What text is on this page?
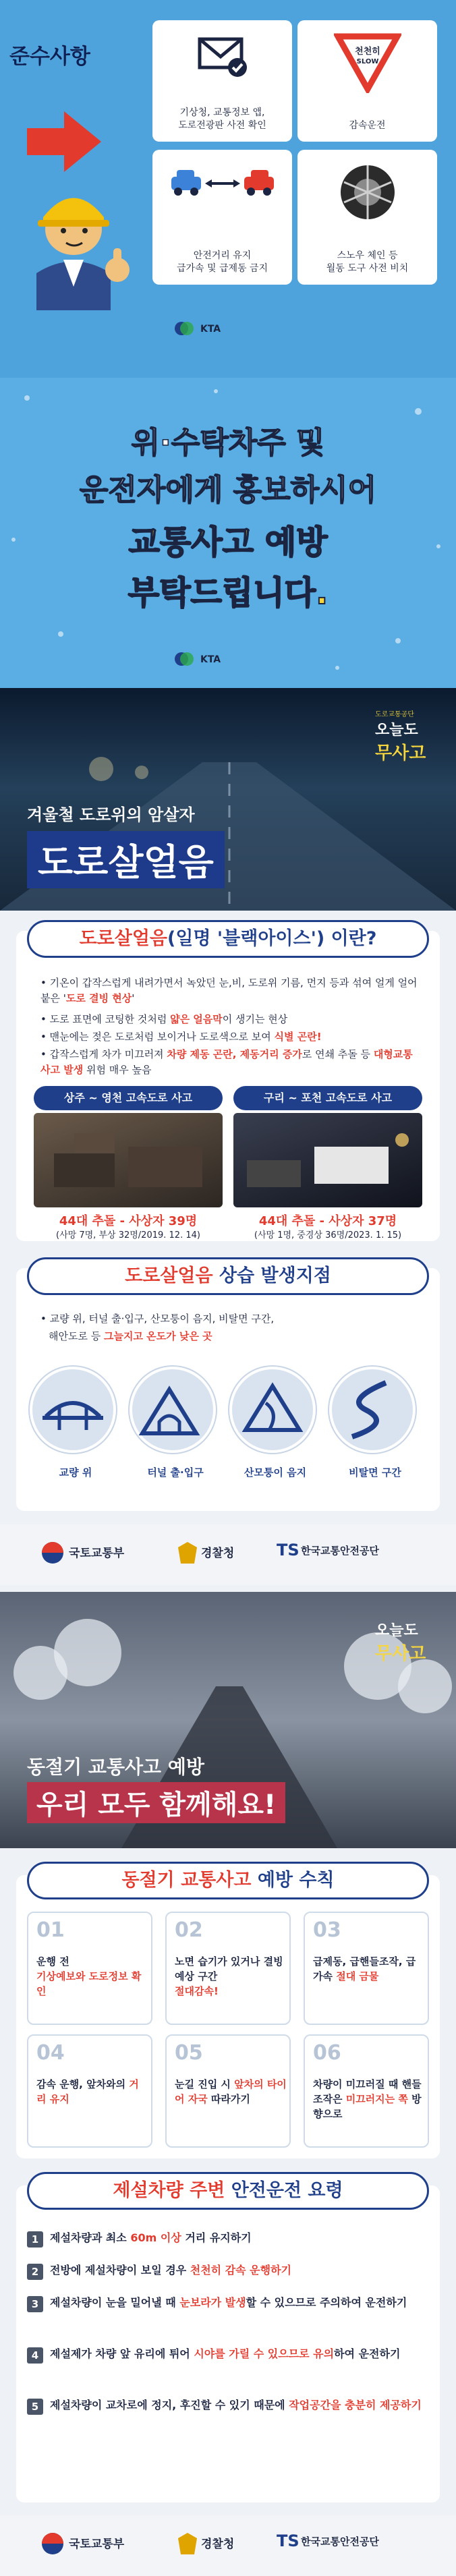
준수사항
기상청, 교통정보 앱,
도로전광판 사전 확인
천천히
SLOW
감속운전
안전거리 유지
급가속 및 급제동 금지
스노우 체인 등
월동 도구 사전 비치
KTA
위·수탁차주 및
운전자에게 홍보하시어
교통사고 예방
부탁드립니다.
KTA
도로교통공단
오늘도
무사고
겨울철 도로위의 암살자
도로살얼음
도로살얼음(일명 '블랙아이스') 이란?
• 기온이 갑작스럽게 내려가면서 녹았던 눈,비, 도로위 기름, 먼지 등과 섞여 얼게 얼어붙은 '도로 결빙 현상'
• 도로 표면에 코팅한 것처럼 얇은 얼음막이 생기는 현상
• 맨눈에는 젖은 도로처럼 보이거나 도로색으로 보여 식별 곤란!
• 갑작스럽게 차가 미끄러져 차량 제동 곤란, 제동거리 증가로 연쇄 추돌 등 대형교통사고 발생 위험 매우 높음
상주 ~ 영천 고속도로 사고	구리 ~ 포천 고속도로 사고
44대 추돌 - 사상자 39명	44대 추돌 - 사상자 37명
(사망 7명, 부상 32명/2019. 12. 14)	(사망 1명, 중경상 36명/2023. 1. 15)
도로살얼음 상습 발생지점
• 교량 위, 터널 출·입구, 산모퉁이 음지, 비탈면 구간,
해안도로 등 그늘지고 온도가 낮은 곳
교량 위	터널 출·입구	산모퉁이 음지	비탈면 구간
국토교통부	경찰청	TS 한국교통안전공단
오늘도
무사고
동절기 교통사고 예방
우리 모두 함께해요!
동절기 교통사고 예방 수칙
01
운행 전
기상예보와 도로정보 확인
02
노면 습기가 있거나 결빙 예상 구간
절대감속!
03
급제동, 급핸들조작, 급가속 절대 금물
04
감속 운행, 앞차와의 거리 유지
05
눈길 진입 시 앞차의 타이어 자국 따라가기
06
차량이 미끄러질 때 핸들 조작은 미끄러지는 쪽 방향으로
제설차량 주변 안전운전 요령
1	제설차량과 최소 60m 이상 거리 유지하기
2	전방에 제설차량이 보일 경우 천천히 감속 운행하기
3	제설차량이 눈을 밀어낼 때 눈보라가 발생할 수 있으므로 주의하여 운전하기
4	제설제가 차량 앞 유리에 튀어 시야를 가릴 수 있으므로 유의하여 운전하기
5	제설차량이 교차로에 정지, 후진할 수 있기 때문에 작업공간을 충분히 제공하기
국토교통부	경찰청	TS 한국교통안전공단
